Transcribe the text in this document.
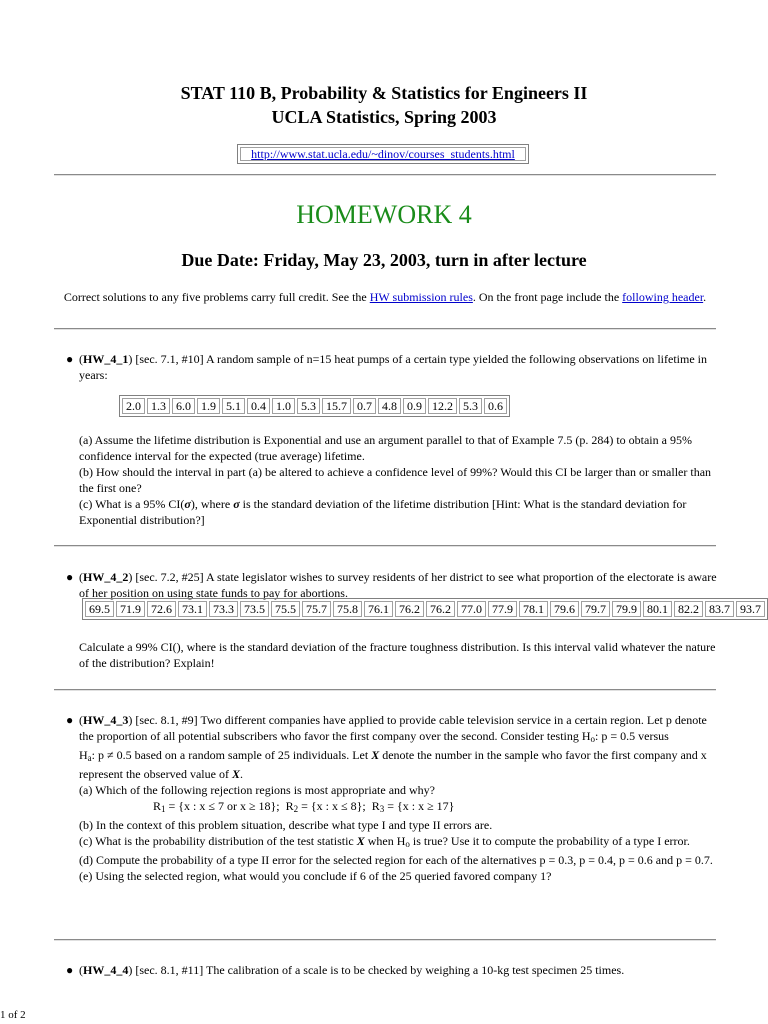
STAT 110 B, Probability & Statistics for Engineers II
UCLA Statistics, Spring 2003
http://www.stat.ucla.edu/~dinov/courses_students.html
HOMEWORK 4
Due Date: Friday, May 23, 2003, turn in after lecture
Correct solutions to any five problems carry full credit. See the HW submission rules. On the front page include the following header.
● (HW_4_1) [sec. 7.1, #10] A random sample of n=15 heat pumps of a certain type yielded the following observations on lifetime in years:
2.0	1.3	6.0	1.9	5.1	0.4	1.0	5.3	15.7	0.7	4.8	0.9	12.2	5.3	0.6
(a) Assume the lifetime distribution is Exponential and use an argument parallel to that of Example 7.5 (p. 284) to obtain a 95% confidence interval for the expected (true average) lifetime.
(b) How should the interval in part (a) be altered to achieve a confidence level of 99%? Would this CI be larger than or smaller than the first one?
(c) What is a 95% CI(σ), where σ is the standard deviation of the lifetime distribution [Hint: What is the standard deviation for Exponential distribution?]
● (HW_4_2) [sec. 7.2, #25] A state legislator wishes to survey residents of her district to see what proportion of the electorate is aware of her position on using state funds to pay for abortions.
69.5	71.9	72.6	73.1	73.3	73.5	75.5	75.7	75.8	76.1	76.2	76.2	77.0	77.9	78.1	79.6	79.7	79.9	80.1	82.2	83.7	93.7
Calculate a 99% CI(), where is the standard deviation of the fracture toughness distribution. Is this interval valid whatever the nature of the distribution? Explain!
● (HW_4_3) [sec. 8.1, #9] Two different companies have applied to provide cable television service in a certain region. Let p denote
the proportion of all potential subscribers who favor the first company over the second. Consider testing $H_o$: p = 0.5 versus
$H_a$: p ≠ 0.5 based on a random sample of 25 individuals. Let X denote the number in the sample who favor the first company and x represent the observed value of X.
(a) Which of the following rejection regions is most appropriate and why?
$R_1 = \{x$ : x ≤ 7 or x ≥ 18}; $R_2 = \{x$ : x ≤ 8}; $R_3 = \{x$ : x ≥ 17}
(b) In the context of this problem situation, describe what type I and type II errors are.
(c) What is the probability distribution of the test statistic X when $H_o$ is true? Use it to compute the probability of a type I error.
(d) Compute the probability of a type II error for the selected region for each of the alternatives p = 0.3, p = 0.4, p = 0.6 and p = 0.7.
(e) Using the selected region, what would you conclude if 6 of the 25 queried favored company 1?
● (HW_4_4) [sec. 8.1, #11] The calibration of a scale is to be checked by weighing a 10-kg test specimen 25 times.
1 of 2
